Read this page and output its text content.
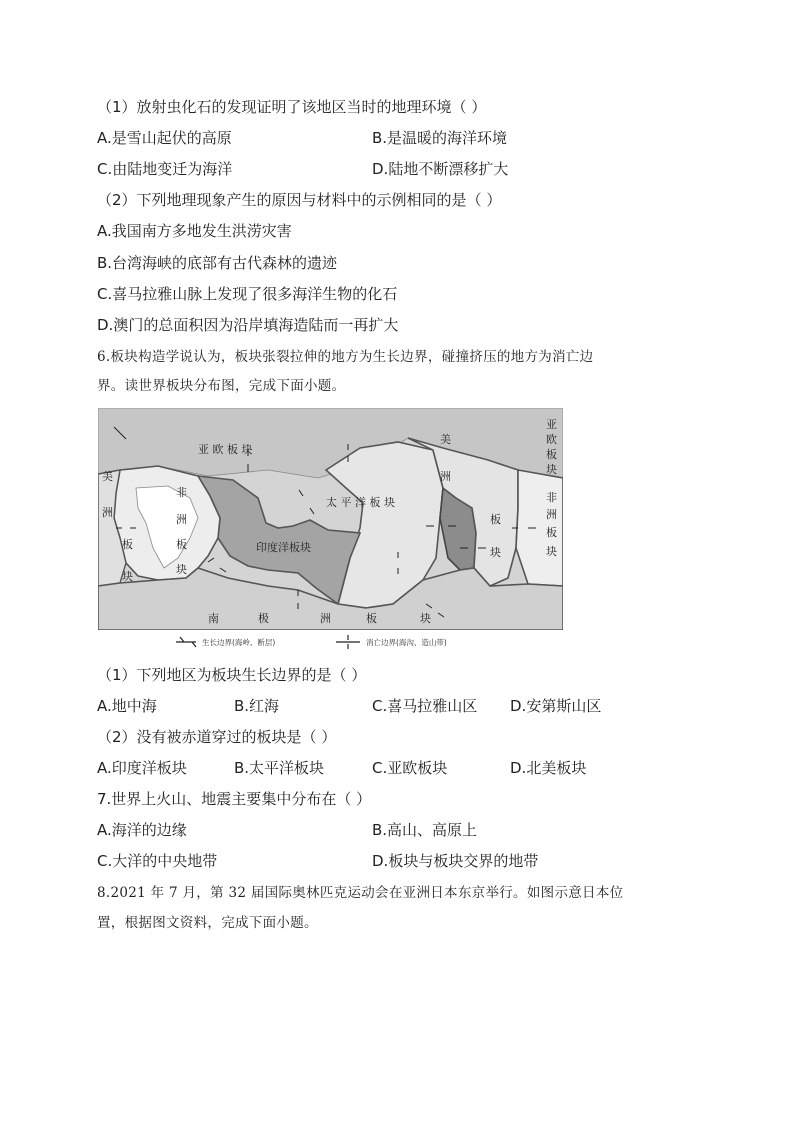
（1）放射虫化石的发现证明了该地区当时的地理环境（ ）
A.是雪山起伏的高原	B.是温暖的海洋环境
C.由陆地变迁为海洋	D.陆地不断漂移扩大
（2）下列地理现象产生的原因与材料中的示例相同的是（ ）
A.我国南方多地发生洪涝灾害
B.台湾海峡的底部有古代森林的遗迹
C.喜马拉雅山脉上发现了很多海洋生物的化石
D.澳门的总面积因为沿岸填海造陆而一再扩大
6.板块构造学说认为，板块张裂拉伸的地方为生长边界，碰撞挤压的地方为消亡边
界。读世界板块分布图，完成下面小题。
亚 欧 板 块
美
洲
板
块
非
洲
板
块
印度洋板块
太 平 洋 板 块
美
洲
板
块
亚
欧
板
块
非
洲
板
块
南	极	洲	板	块
生长边界(海岭、断层)	消亡边界(海沟、造山带)
（1）下列地区为板块生长边界的是（ ）
A.地中海	B.红海	C.喜马拉雅山区 D.安第斯山区
（2）没有被赤道穿过的板块是（ ）
A.印度洋板块	B.太平洋板块	C.亚欧板块	D.北美板块
7.世界上火山、地震主要集中分布在（ ）
A.海洋的边缘	B.高山、高原上
C.大洋的中央地带	D.板块与板块交界的地带
8.2021 年 7 月，第 32 届国际奥林匹克运动会在亚洲日本东京举行。如图示意日本位
置，根据图文资料，完成下面小题。
